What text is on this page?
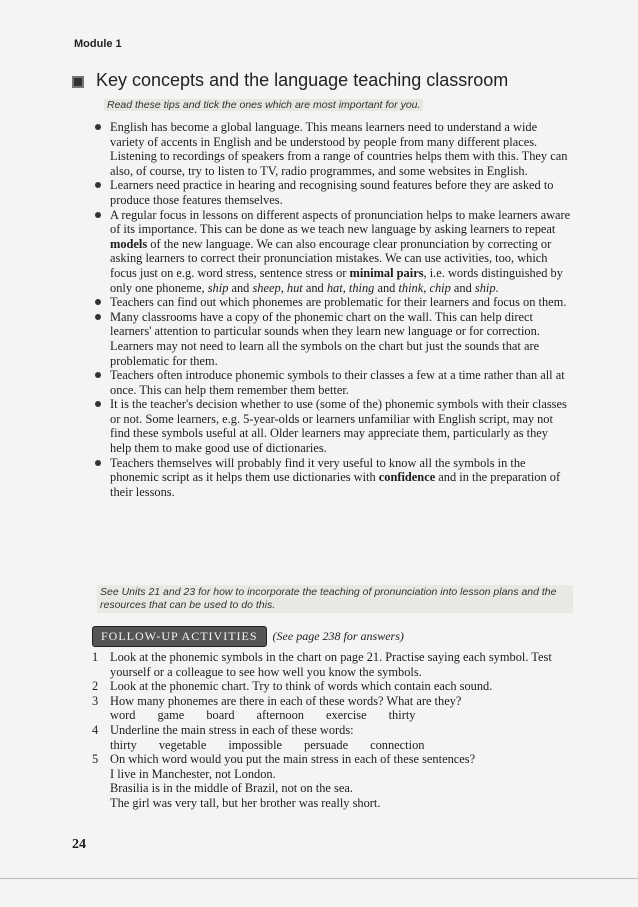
Module 1
Key concepts and the language teaching classroom
Read these tips and tick the ones which are most important for you.
English has become a global language. This means learners need to understand a wide variety of accents in English and be understood by people from many different places. Listening to recordings of speakers from a range of countries helps them with this. They can also, of course, try to listen to TV, radio programmes, and some websites in English.
Learners need practice in hearing and recognising sound features before they are asked to produce those features themselves.
A regular focus in lessons on different aspects of pronunciation helps to make learners aware of its importance. This can be done as we teach new language by asking learners to repeat models of the new language. We can also encourage clear pronunciation by correcting or asking learners to correct their pronunciation mistakes. We can use activities, too, which focus just on e.g. word stress, sentence stress or minimal pairs, i.e. words distinguished by only one phoneme, ship and sheep, hut and hat, thing and think, chip and ship.
Teachers can find out which phonemes are problematic for their learners and focus on them.
Many classrooms have a copy of the phonemic chart on the wall. This can help direct learners' attention to particular sounds when they learn new language or for correction. Learners may not need to learn all the symbols on the chart but just the sounds that are problematic for them.
Teachers often introduce phonemic symbols to their classes a few at a time rather than all at once. This can help them remember them better.
It is the teacher's decision whether to use (some of the) phonemic symbols with their classes or not. Some learners, e.g. 5-year-olds or learners unfamiliar with English script, may not find these symbols useful at all. Older learners may appreciate them, particularly as they help them to make good use of dictionaries.
Teachers themselves will probably find it very useful to know all the symbols in the phonemic script as it helps them use dictionaries with confidence and in the preparation of their lessons.
See Units 21 and 23 for how to incorporate the teaching of pronunciation into lesson plans and the resources that can be used to do this.
FOLLOW-UP ACTIVITIES	(See page 238 for answers)
1 Look at the phonemic symbols in the chart on page 21. Practise saying each symbol. Test yourself or a colleague to see how well you know the symbols.
2 Look at the phonemic chart. Try to think of words which contain each sound.
3 How many phonemes are there in each of these words? What are they?
word game board afternoon exercise thirty
4 Underline the main stress in each of these words:
thirty vegetable impossible persuade connection
5 On which word would you put the main stress in each of these sentences?
I live in Manchester, not London.
Brasilia is in the middle of Brazil, not on the sea.
The girl was very tall, but her brother was really short.
24
